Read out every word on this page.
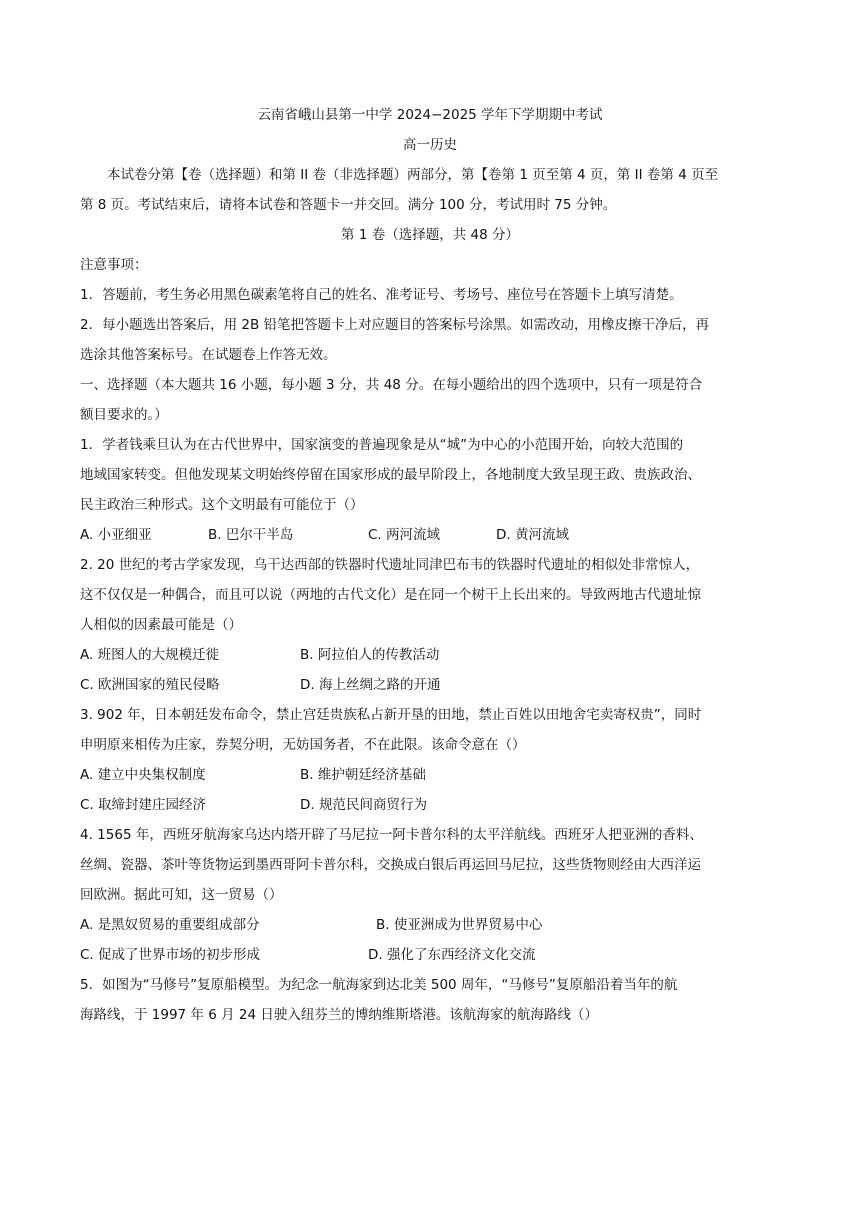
云南省峨山县第一中学 2024−2025 学年下学期期中考试
高一历史
本试卷分第【卷（选择题）和第 II 卷（非选择题）两部分，第【卷第 1 页至第 4 页，第 II 卷第 4 页至
第 8 页。考试结束后，请将本试卷和答题卡一并交回。满分 100 分，考试用时 75 分钟。
第 1 卷（选择题，共 48 分）
注意事项：
1．答题前，考生务必用黑色碳素笔将自己的姓名、准考证号、考场号、座位号在答题卡上填写清楚。
2．每小题选出答案后，用 2B 铅笔把答题卡上对应题目的答案标号涂黑。如需改动，用橡皮擦干净后，再
选涂其他答案标号。在试题卷上作答无效。
一、选择题（本大题共 16 小题，每小题 3 分，共 48 分。在每小题给出的四个选项中，只有一项是符合
额目要求的。）
1．学者钱乘旦认为在古代世界中，国家演变的普遍现象是从“城”为中心的小范围开始，向较大范围的
地域国家转变。但他发现某文明始终停留在国家形成的最早阶段上，各地制度大致呈现王政、贵族政治、
民主政治三种形式。这个文明最有可能位于（）
A. 小亚细亚	B. 巴尔干半岛	C. 两河流域	D. 黄河流域
2. 20 世纪的考古学家发现，乌干达西部的铁器时代遗址同津巴布韦的铁器时代遗址的相似处非常惊人，
这不仅仅是一种偶合，而且可以说（两地的古代文化）是在同一个树干上长出来的。导致两地古代遗址惊
人相似的因素最可能是（）
A. 班图人的大规模迁徙	B. 阿拉伯人的传教活动
C. 欧洲国家的殖民侵略	D. 海上丝绸之路的开通
3. 902 年，日本朝廷发布命令，禁止宫廷贵族私占新开垦的田地，禁止百姓以田地舍宅卖寄权贵”，同时
申明原来相传为庄家，券契分明，无妨国务者，不在此限。该命令意在（）
A. 建立中央集权制度	B. 维护朝廷经济基础
C. 取缔封建庄园经济	D. 规范民间商贸行为
4. 1565 年，西班牙航海家乌达内塔开辟了马尼拉一阿卡普尔科的太平洋航线。西班牙人把亚洲的香料、
丝绸、瓷器、茶叶等货物运到墨西哥阿卡普尔科，交换成白银后再运回马尼拉，这些货物则经由大西洋运
回欧洲。据此可知，这一贸易（）
A. 是黑奴贸易的重要组成部分	B. 使亚洲成为世界贸易中心
C. 促成了世界市场的初步形成	D. 强化了东西经济文化交流
5．如图为“马修号”复原船模型。为纪念一航海家到达北美 500 周年，“马修号”复原船沿着当年的航
海路线，于 1997 年 6 月 24 日驶入纽芬兰的博纳维斯塔港。该航海家的航海路线（）
